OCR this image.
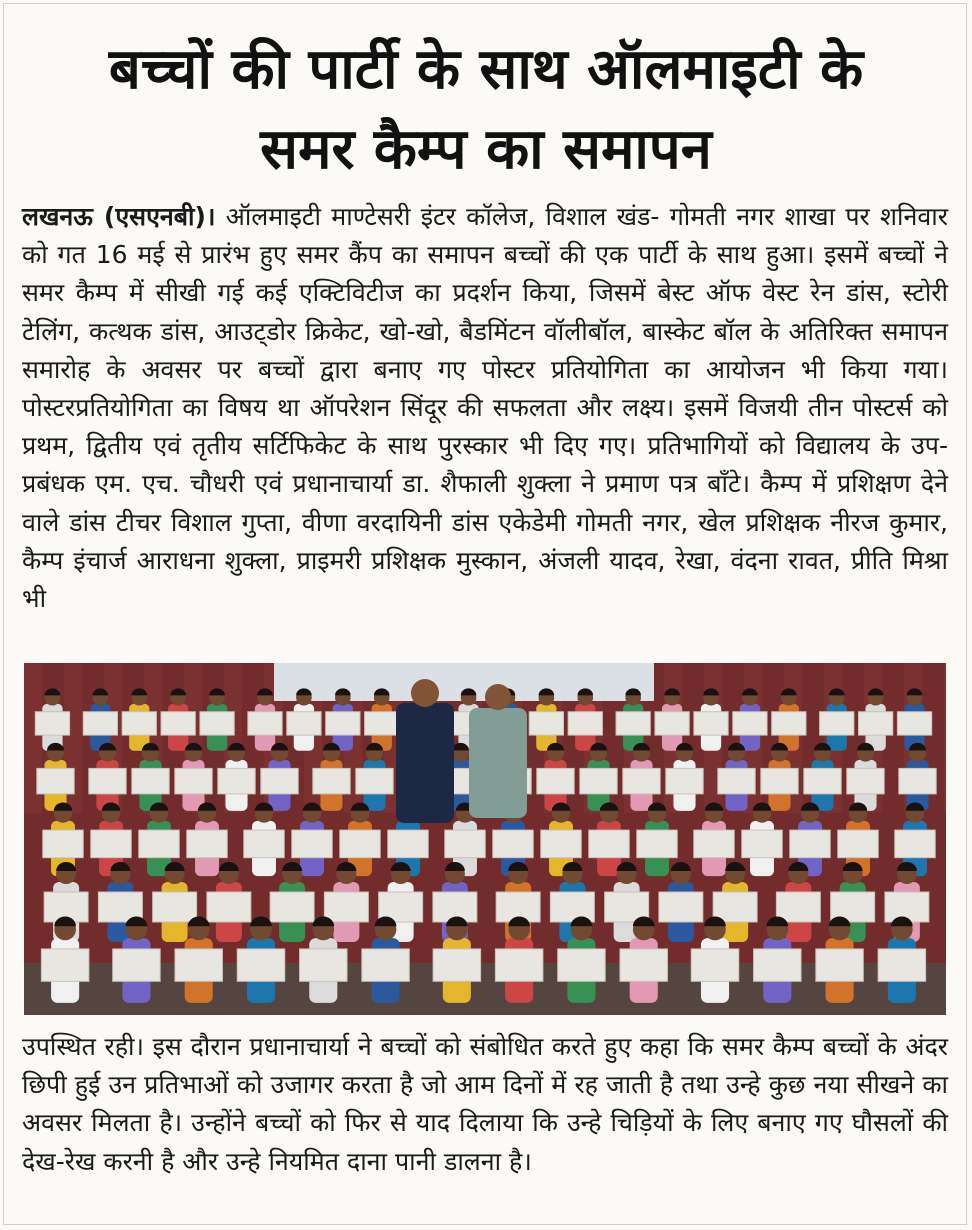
बच्चों की पार्टी के साथ ऑलमाइटी के
समर कैम्प का समापन

लखनऊ (एसएनबी)। ऑलमाइटी माण्टेसरी इंटर कॉलेज, विशाल खंड- गोमती नगर शाखा पर शनिवार को गत 16 मई से प्रारंभ हुए समर कैंप का समापन बच्चों की एक पार्टी के साथ हुआ। इसमें बच्चों ने समर कैम्प में सीखी गई कई एक्टिविटीज का प्रदर्शन किया, जिसमें बेस्ट ऑफ वेस्ट रेन डांस, स्टोरी टेलिंग, कत्थक डांस, आउट्डोर क्रिकेट, खो-खो, बैडमिंटन वॉलीबॉल, बास्केट बॉल के अतिरिक्त समापन समारोह के अवसर पर बच्चों द्वारा बनाए गए पोस्टर प्रतियोगिता का आयोजन भी किया गया। पोस्टरप्रतियोगिता का विषय था ऑपरेशन सिंदूर की सफलता और लक्ष्य। इसमें विजयी तीन पोस्टर्स को प्रथम, द्वितीय एवं तृतीय सर्टिफिकेट के साथ पुरस्कार भी दिए गए। प्रतिभागियों को विद्यालय के उप-प्रबंधक एम. एच. चौधरी एवं प्रधानाचार्या डा. शैफाली शुक्ला ने प्रमाण पत्र बाँटे। कैम्प में प्रशिक्षण देने वाले डांस टीचर विशाल गुप्ता, वीणा वरदायिनी डांस एकेडेमी गोमती नगर, खेल प्रशिक्षक नीरज कुमार, कैम्प इंचार्ज आराधना शुक्ला, प्राइमरी प्रशिक्षक मुस्कान, अंजली यादव, रेखा, वंदना रावत, प्रीति मिश्रा भी

उपस्थित रही। इस दौरान प्रधानाचार्या ने बच्चों को संबोधित करते हुए कहा कि समर कैम्प बच्चों के अंदर छिपी हुई उन प्रतिभाओं को उजागर करता है जो आम दिनों में रह जाती है तथा उन्हे कुछ नया सीखने का अवसर मिलता है। उन्होंने बच्चों को फिर से याद दिलाया कि उन्हे चिड़ियों के लिए बनाए गए घौसलों की देख-रेख करनी है और उन्हे नियमित दाना पानी डालना है।
